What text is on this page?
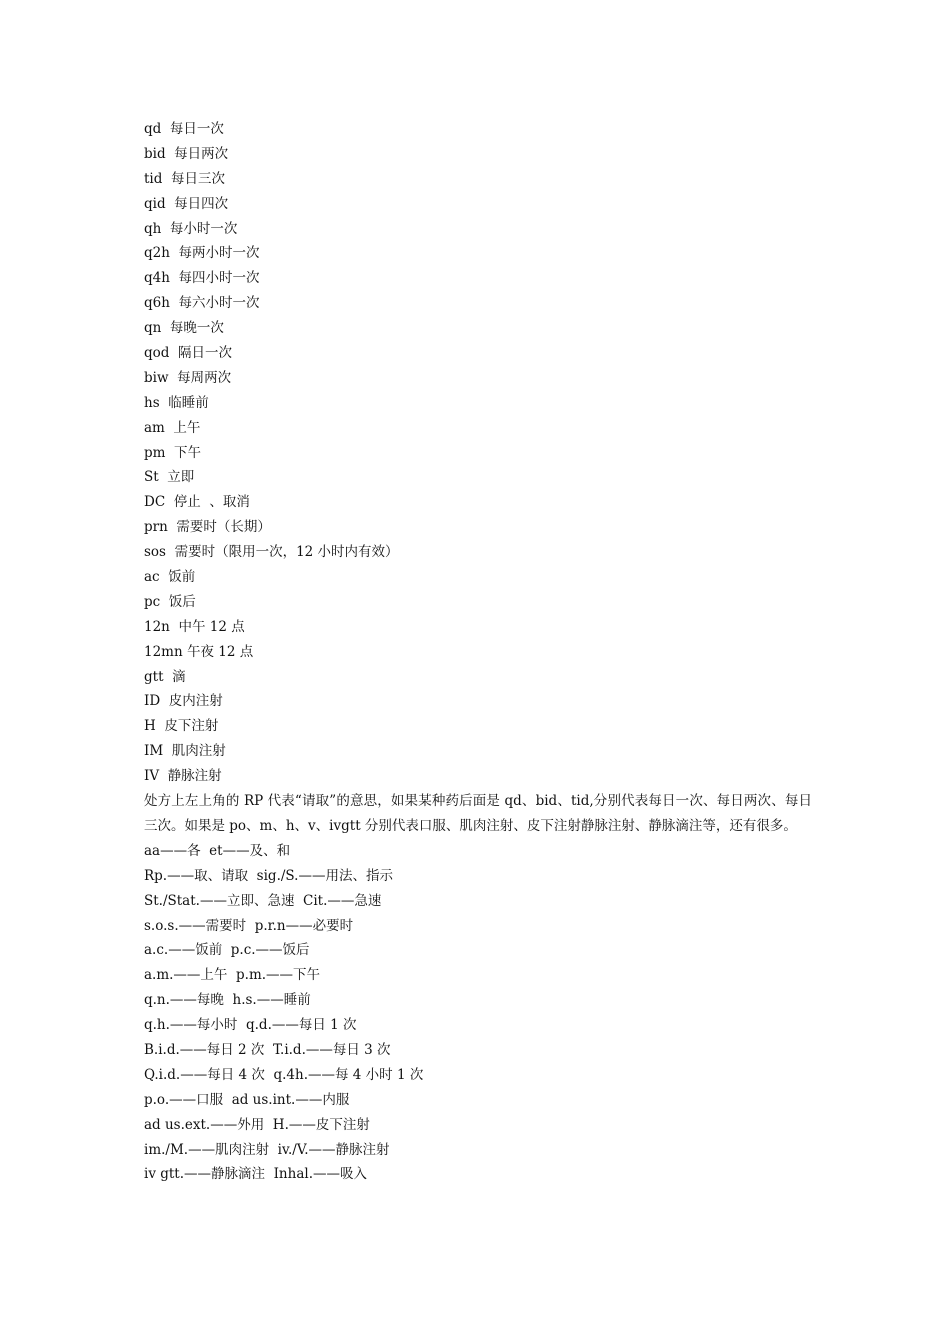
qd  每日一次
bid  每日两次
tid  每日三次
qid  每日四次
qh  每小时一次
q2h  每两小时一次
q4h  每四小时一次
q6h  每六小时一次
qn  每晚一次
qod  隔日一次
biw  每周两次
hs  临睡前
am  上午
pm  下午
St  立即
DC  停止  、取消
prn  需要时（长期）
sos  需要时（限用一次，12 小时内有效）
ac  饭前
pc  饭后
12n  中午 12 点
12mn 午夜 12 点
gtt  滴
ID  皮内注射
H  皮下注射
IM  肌肉注射
IV  静脉注射
处方上左上角的 RP 代表“请取”的意思，如果某种药后面是 qd、bid、tid,分别代表每日一次、每日两次、每日三次。如果是 po、m、h、v、ivgtt 分别代表口服、肌肉注射、皮下注射静脉注射、静脉滴注等，还有很多。
aa——各  et——及、和
Rp.——取、请取  sig./S.——用法、指示
St./Stat.——立即、急速  Cit.——急速
s.o.s.——需要时  p.r.n——必要时
a.c.——饭前  p.c.——饭后
a.m.——上午  p.m.——下午
q.n.——每晚  h.s.——睡前
q.h.——每小时  q.d.——每日 1 次
B.i.d.——每日 2 次  T.i.d.——每日 3 次
Q.i.d.——每日 4 次  q.4h.——每 4 小时 1 次
p.o.——口服  ad us.int.——内服
ad us.ext.——外用  H.——皮下注射
im./M.——肌肉注射  iv./V.——静脉注射
iv gtt.——静脉滴注  Inhal.——吸入
